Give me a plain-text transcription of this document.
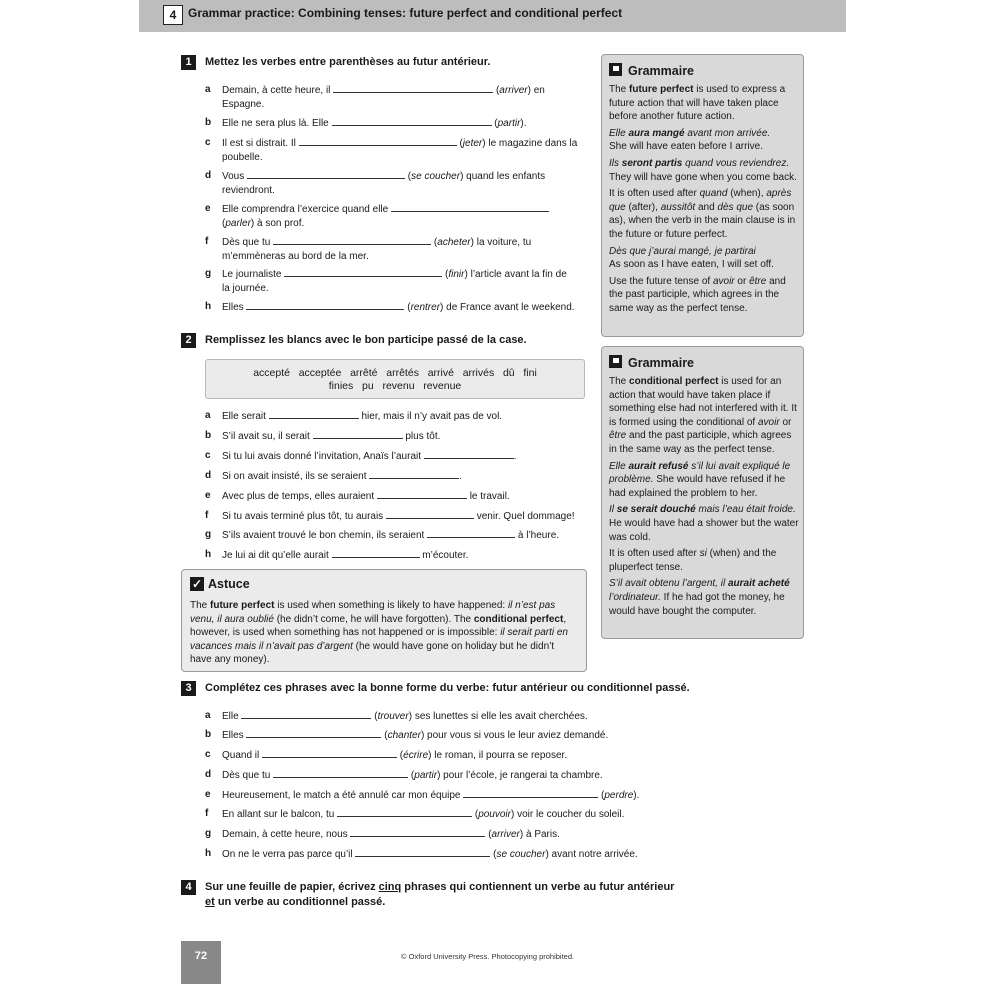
4 Grammar practice: Combining tenses: future perfect and conditional perfect
1	Mettez les verbes entre parenthèses au futur antérieur.
a Demain, à cette heure, il	(arriver) en
Espagne.
b Elle ne sera plus là. Elle	(partir).
c Il est si distrait. Il	(jeter) le magazine dans la
poubelle.
d Vous	(se coucher) quand les enfants
reviendront.
e Elle comprendra l’exercice quand elle
(parler) à son prof.
f Dès que tu	(acheter) la voiture, tu
m’emmèneras au bord de la mer.
g Le journaliste	(finir) l’article avant la fin de
la journée.
h Elles	(rentrer) de France avant le weekend.
2	Remplissez les blancs avec le bon participe passé de la case.
accepté   acceptée   arrêté   arrêtés   arrivé   arrivés   dû   fini
finies   pu   revenu   revenue
a Elle serait	hier, mais il n’y avait pas de vol.
b S’il avait su, il serait	plus tôt.
c Si tu lui avais donné l’invitation, Anaïs l’aurait	.
d Si on avait insisté, ils se seraient	.
e Avec plus de temps, elles auraient	le travail.
f Si tu avais terminé plus tôt, tu aurais	venir. Quel dommage!
g S’ils avaient trouvé le bon chemin, ils seraient	à l’heure.
h Je lui ai dit qu’elle aurait	m’écouter.
✓ Astuce
The future perfect is used when something is likely to have happened: il n’est pas venu, il aura oublié (he didn’t come, he will have forgotten). The conditional perfect, however, is used when something has not happened or is impossible: il serait parti en vacances mais il n’avait pas d’argent (he would have gone on holiday but he didn’t have any money).
3	Complétez ces phrases avec la bonne forme du verbe: futur antérieur ou conditionnel passé.
a Elle	(trouver) ses lunettes si elle les avait cherchées.
b Elles	(chanter) pour vous si vous le leur aviez demandé.
c Quand il	(écrire) le roman, il pourra se reposer.
d Dès que tu	(partir) pour l’école, je rangerai ta chambre.
e Heureusement, le match a été annulé car mon équipe	(perdre).
f En allant sur le balcon, tu	(pouvoir) voir le coucher du soleil.
g Demain, à cette heure, nous	(arriver) à Paris.
h On ne le verra pas parce qu’il	(se coucher) avant notre arrivée.
4	Sur une feuille de papier, écrivez cinq phrases qui contiennent un verbe au futur antérieur
et un verbe au conditionnel passé.
Grammaire

The future perfect is used to express a future action that will have taken place before another future action.

Elle aura mangé avant mon arrivée.
She will have eaten before I arrive.

Ils seront partis quand vous reviendrez.
They will have gone when you come back.

It is often used after quand (when), après que (after), aussitôt and dès que (as soon as), when the verb in the main clause is in the future or future perfect.

Dès que j’aurai mangé, je partirai
As soon as I have eaten, I will set off.

Use the future tense of avoir or être and the past participle, which agrees in the same way as the perfect tense.

Grammaire

The conditional perfect is used for an action that would have taken place if something else had not interfered with it. It is formed using the conditional of avoir or être and the past participle, which agrees in the same way as the perfect tense.

Elle aurait refusé s’il lui avait expliqué le problème. She would have refused if he had explained the problem to her.

Il se serait douché mais l’eau était froide. He would have had a shower but the water was cold.

It is often used after si (when) and the pluperfect tense.

S’il avait obtenu l’argent, il aurait acheté l’ordinateur. If he had got the money, he would have bought the computer.

72	© Oxford University Press. Photocopying prohibited.
